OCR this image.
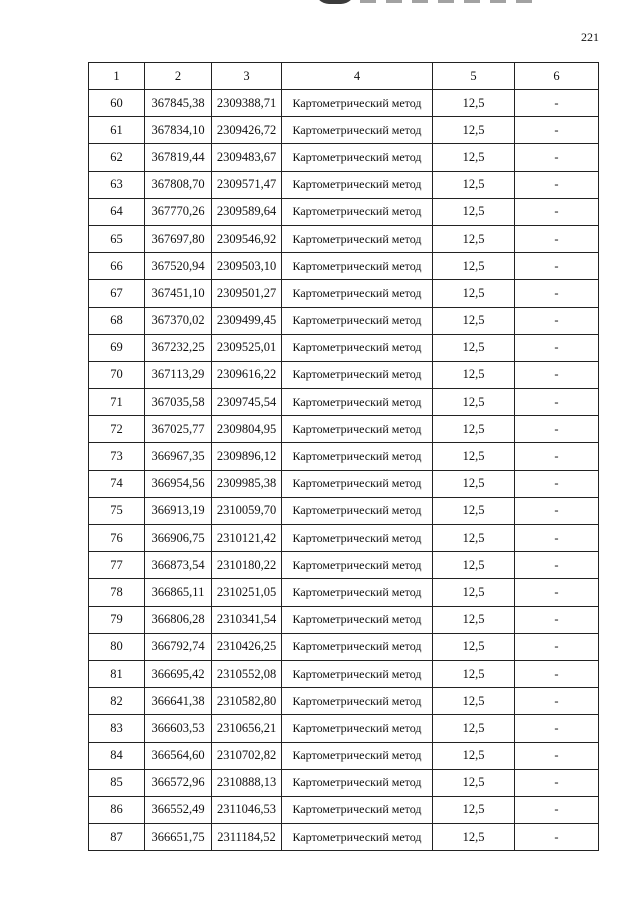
221
1	2	3	4	5	6
60	367845,38	2309388,71	Картометрический метод	12,5	-
61	367834,10	2309426,72	Картометрический метод	12,5	-
62	367819,44	2309483,67	Картометрический метод	12,5	-
63	367808,70	2309571,47	Картометрический метод	12,5	-
64	367770,26	2309589,64	Картометрический метод	12,5	-
65	367697,80	2309546,92	Картометрический метод	12,5	-
66	367520,94	2309503,10	Картометрический метод	12,5	-
67	367451,10	2309501,27	Картометрический метод	12,5	-
68	367370,02	2309499,45	Картометрический метод	12,5	-
69	367232,25	2309525,01	Картометрический метод	12,5	-
70	367113,29	2309616,22	Картометрический метод	12,5	-
71	367035,58	2309745,54	Картометрический метод	12,5	-
72	367025,77	2309804,95	Картометрический метод	12,5	-
73	366967,35	2309896,12	Картометрический метод	12,5	-
74	366954,56	2309985,38	Картометрический метод	12,5	-
75	366913,19	2310059,70	Картометрический метод	12,5	-
76	366906,75	2310121,42	Картометрический метод	12,5	-
77	366873,54	2310180,22	Картометрический метод	12,5	-
78	366865,11	2310251,05	Картометрический метод	12,5	-
79	366806,28	2310341,54	Картометрический метод	12,5	-
80	366792,74	2310426,25	Картометрический метод	12,5	-
81	366695,42	2310552,08	Картометрический метод	12,5	-
82	366641,38	2310582,80	Картометрический метод	12,5	-
83	366603,53	2310656,21	Картометрический метод	12,5	-
84	366564,60	2310702,82	Картометрический метод	12,5	-
85	366572,96	2310888,13	Картометрический метод	12,5	-
86	366552,49	2311046,53	Картометрический метод	12,5	-
87	366651,75	2311184,52	Картометрический метод	12,5	-
